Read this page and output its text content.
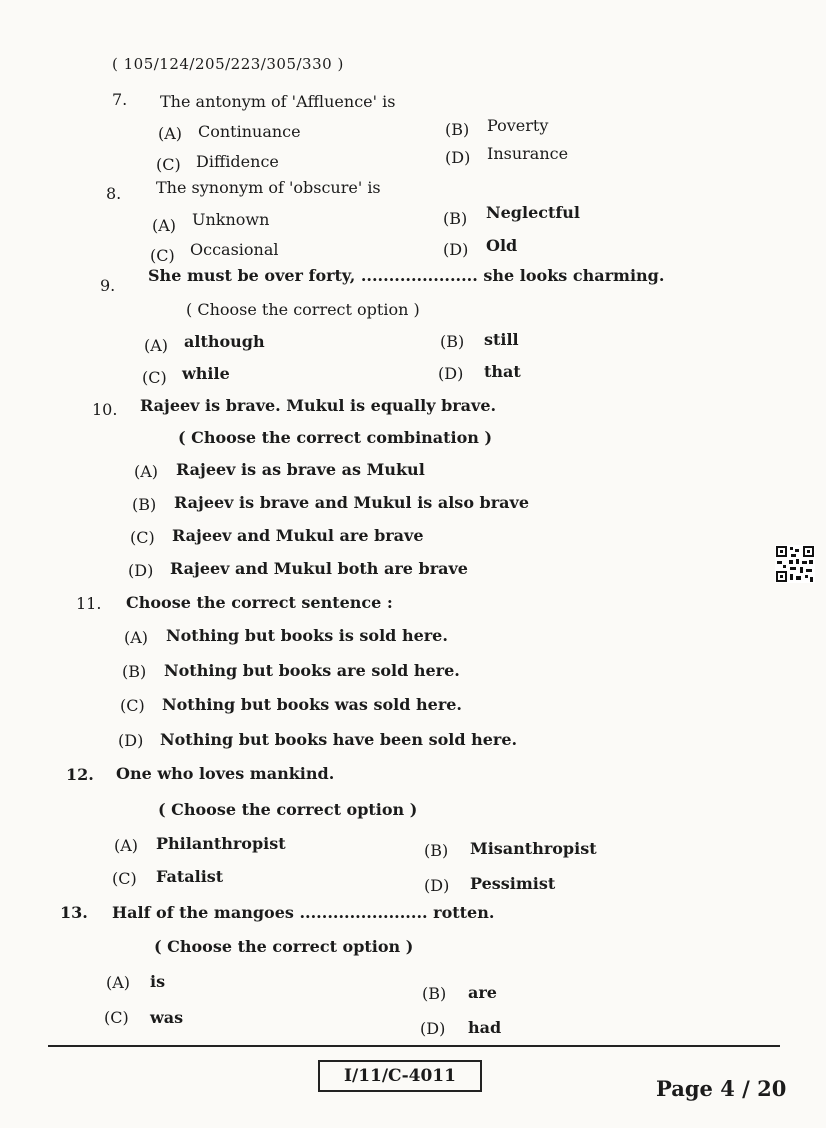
( 105/124/205/223/305/330 )
7. The antonym of 'Affluence' is
(A) Continuance	(B) Poverty
(C) Diffidence	(D) Insurance
8. The synonym of 'obscure' is
(A) Unknown	(B) Neglectful
(C) Occasional	(D) Old
9.
She must be over forty, ..................... she looks charming.
( Choose the correct option )
(A) although	(B) still
(C) while	(D) that
10. Rajeev is brave. Mukul is equally brave.
( Choose the correct combination )
(A) Rajeev is as brave as Mukul
(B) Rajeev is brave and Mukul is also brave
(C) Rajeev and Mukul are brave
(D) Rajeev and Mukul both are brave
11. Choose the correct sentence :
(A) Nothing but books is sold here.
(B) Nothing but books are sold here.
(C) Nothing but books was sold here.
(D) Nothing but books have been sold here.
12. One who loves mankind.
( Choose the correct option )
(A) Philanthropist	(B) Misanthropist
(C) Fatalist	(D) Pessimist
13. Half of the mangoes ....................... rotten.
( Choose the correct option )
(A) is
(B) are
(C) was
(D) had
I/11/C-4011	Page 4 / 20
